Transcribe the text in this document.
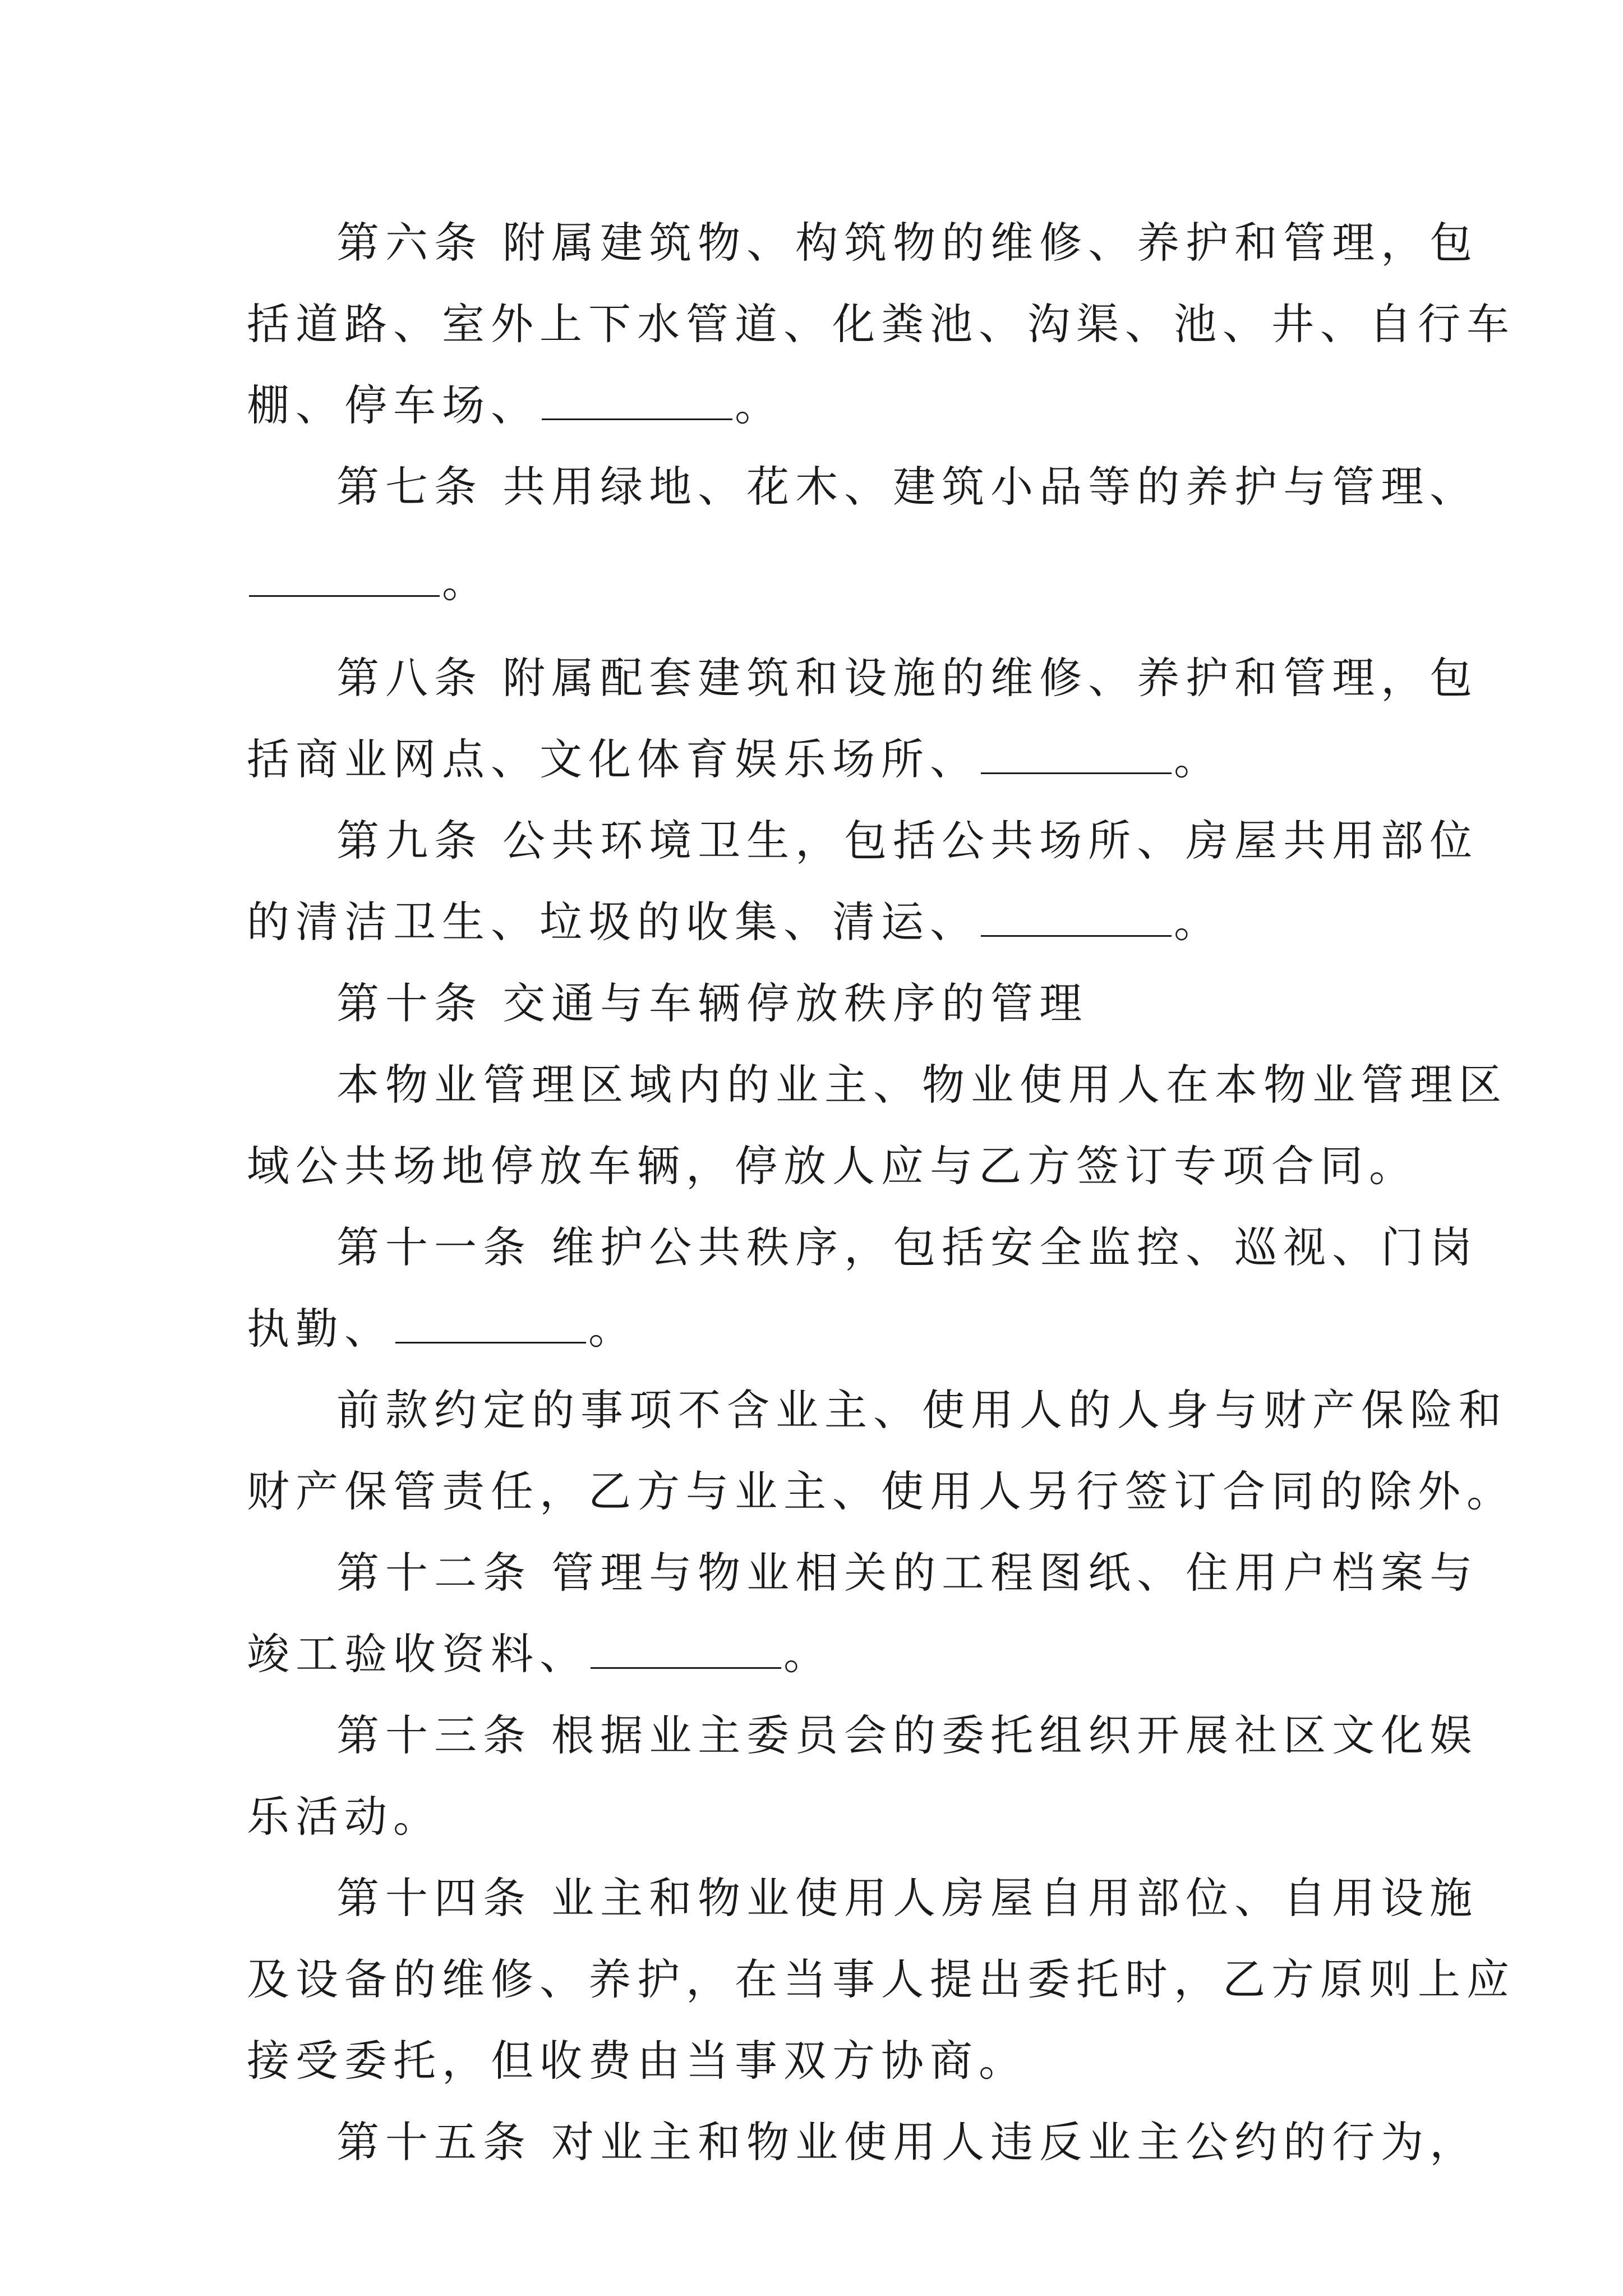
第六条 附属建筑物、构筑物的维修、养护和管理，包
括道路、室外上下水管道、化粪池、沟渠、池、井、自行车
棚、停车场、	。
第七条 共用绿地、花木、建筑小品等的养护与管理、
。
第八条 附属配套建筑和设施的维修、养护和管理，包
括商业网点、文化体育娱乐场所、	。
第九条 公共环境卫生，包括公共场所、房屋共用部位
的清洁卫生、垃圾的收集、清运、	。
第十条 交通与车辆停放秩序的管理
本物业管理区域内的业主、物业使用人在本物业管理区
域公共场地停放车辆，停放人应与乙方签订专项合同。
第十一条 维护公共秩序，包括安全监控、巡视、门岗
执勤、	。
前款约定的事项不含业主、使用人的人身与财产保险和
财产保管责任，乙方与业主、使用人另行签订合同的除外。
第十二条 管理与物业相关的工程图纸、住用户档案与
竣工验收资料、	。
第十三条 根据业主委员会的委托组织开展社区文化娱
乐活动。
第十四条 业主和物业使用人房屋自用部位、自用设施
及设备的维修、养护，在当事人提出委托时，乙方原则上应
接受委托，但收费由当事双方协商。
第十五条 对业主和物业使用人违反业主公约的行为，
